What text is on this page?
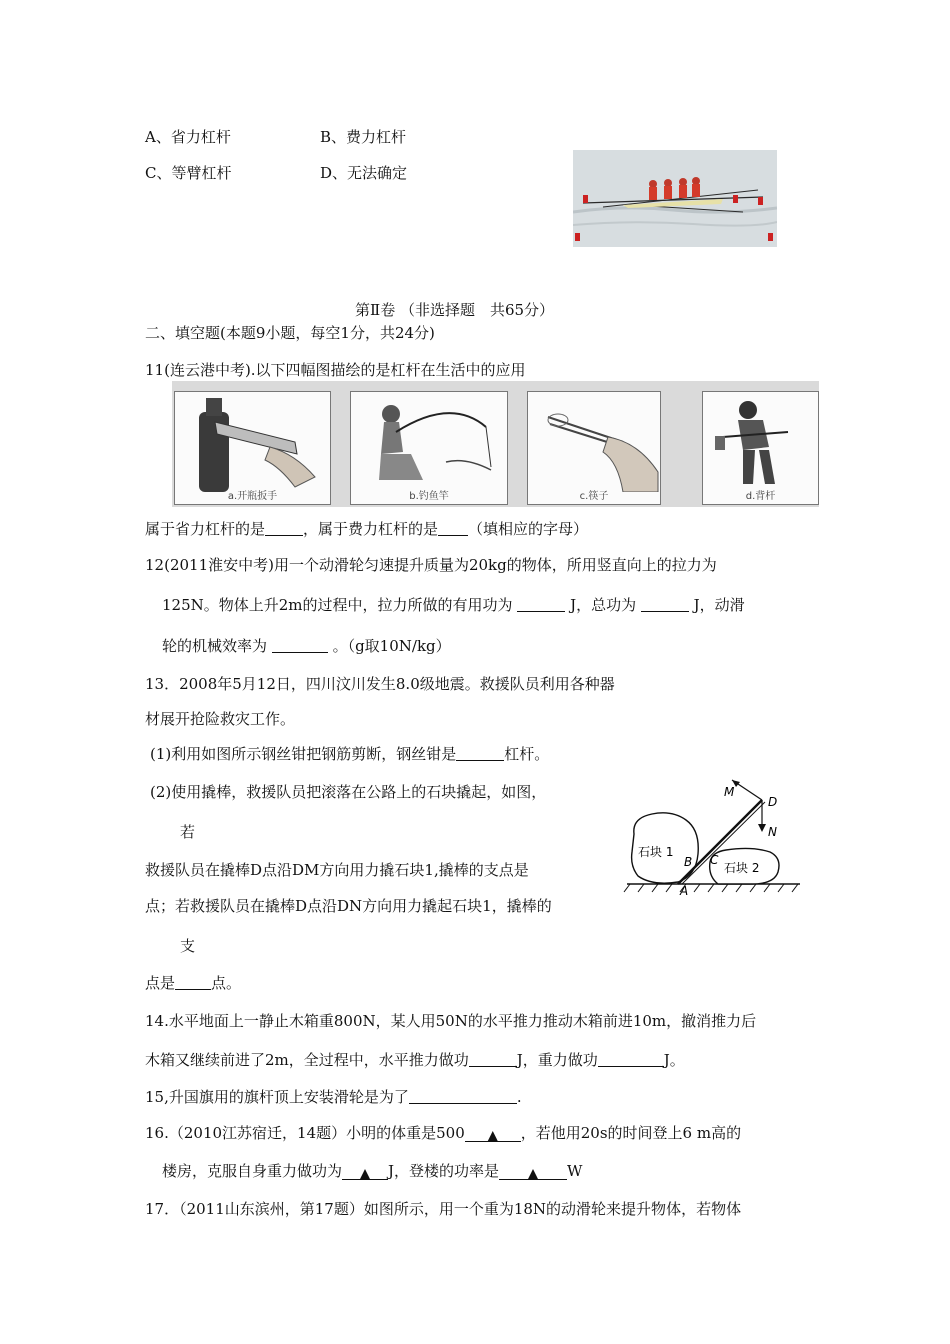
A、省力杠杆	B、费力杠杆
C、等臂杠杆	D、无法确定
第Ⅱ卷 （非选择题　共65分）
二、填空题(本题9小题，每空1分，共24分)
11(连云港中考).以下四幅图描绘的是杠杆在生活中的应用
a.开瓶扳手	b.钓鱼竿	c.筷子	d.背杆
属于省力杠杆的是	，属于费力杠杆的是 （填相应的字母）
12(2011淮安中考)用一个动滑轮匀速提升质量为20kg的物体，所用竖直向上的拉力为
125N。物体上升2m的过程中，拉力所做的有用功为	J，总功为	J，动滑
轮的机械效率为	。（g取10N/kg）
13．2008年5月12日，四川汶川发生8.0级地震。救援队员利用各种器
材展开抢险救灾工作。
(1)利用如图所示钢丝钳把钢筋剪断，钢丝钳是	杠杆。
(2)使用撬棒，救援队员把滚落在公路上的石块撬起，如图，
若
救援队员在撬棒D点沿DM方向用力撬石块1,撬棒的支点是
点；若救援队员在撬棒D点沿DN方向用力撬起石块1，撬棒的
支
点是 点。
M
D
N
B C
A
石块 1
石块 2
14.水平地面上一静止木箱重800N，某人用50N的水平推力推动木箱前进10m，撤消推力后
木箱又继续前进了2m，全过程中，水平推力做功	J，重力做功	J。
15,升国旗用的旗杆顶上安装滑轮是为了	.
16.（2010江苏宿迁，14题）小明的体重是500 ▲ ，若他用20s的时间登上6 m高的
楼房，克服自身重力做功为 ▲ J，登楼的功率是 ▲ W
17．（2011山东滨州，第17题）如图所示，用一个重为18N的动滑轮来提升物体，若物体
